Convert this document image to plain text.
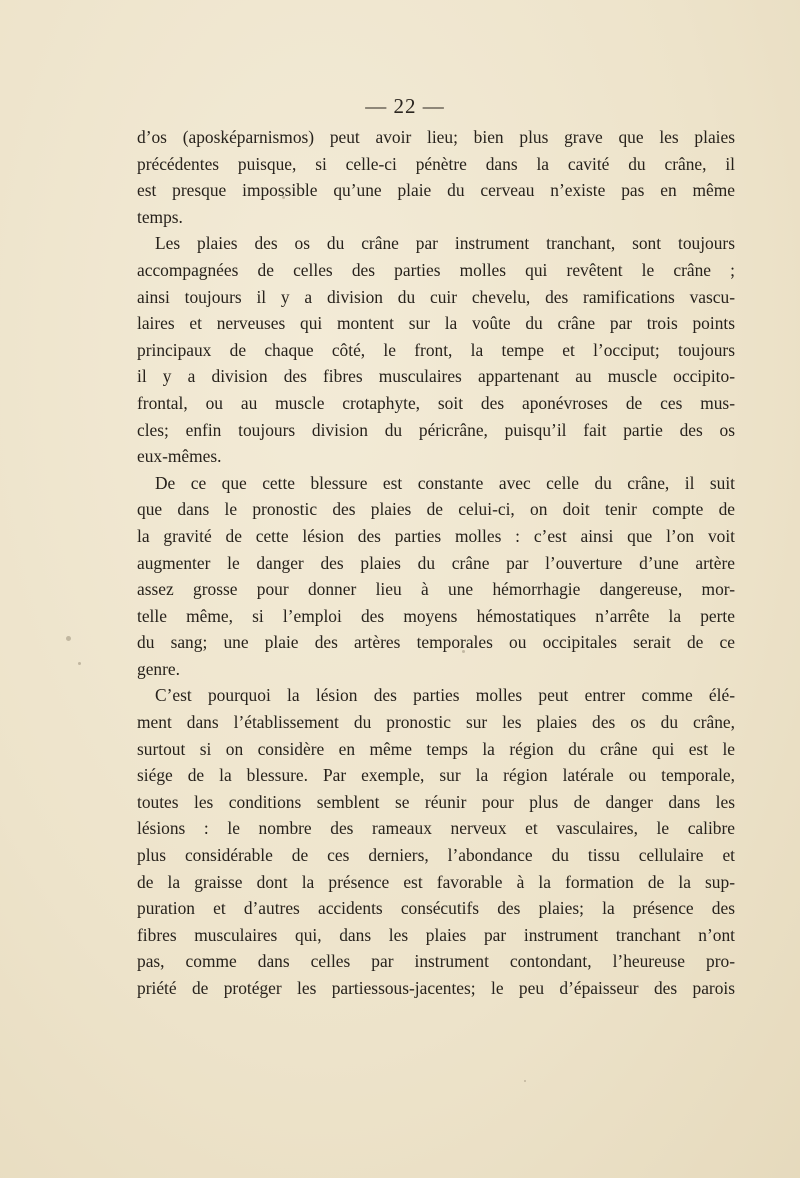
— 22 —
d’os (aposképarnismos) peut avoir lieu; bien plus grave que les plaies
précédentes puisque, si celle-ci pénètre dans la cavité du crâne, il
est presque impossible qu’une plaie du cerveau n’existe pas en même
temps.
Les plaies des os du crâne par instrument tranchant, sont toujours
accompagnées de celles des parties molles qui revêtent le crâne ;
ainsi toujours il y a division du cuir chevelu, des ramifications vascu-
laires et nerveuses qui montent sur la voûte du crâne par trois points
principaux de chaque côté, le front, la tempe et l’occiput; toujours
il y a division des fibres musculaires appartenant au muscle occipito-
frontal, ou au muscle crotaphyte, soit des aponévroses de ces mus-
cles; enfin toujours division du péricrâne, puisqu’il fait partie des os
eux-mêmes.
De ce que cette blessure est constante avec celle du crâne, il suit
que dans le pronostic des plaies de celui-ci, on doit tenir compte de
la gravité de cette lésion des parties molles : c’est ainsi que l’on voit
augmenter le danger des plaies du crâne par l’ouverture d’une artère
assez grosse pour donner lieu à une hémorrhagie dangereuse, mor-
telle même, si l’emploi des moyens hémostatiques n’arrête la perte
du sang; une plaie des artères temporales ou occipitales serait de ce
genre.
C’est pourquoi la lésion des parties molles peut entrer comme élé-
ment dans l’établissement du pronostic sur les plaies des os du crâne,
surtout si on considère en même temps la région du crâne qui est le
siége de la blessure. Par exemple, sur la région latérale ou temporale,
toutes les conditions semblent se réunir pour plus de danger dans les
lésions : le nombre des rameaux nerveux et vasculaires, le calibre
plus considérable de ces derniers, l’abondance du tissu cellulaire et
de la graisse dont la présence est favorable à la formation de la sup-
puration et d’autres accidents consécutifs des plaies; la présence des
fibres musculaires qui, dans les plaies par instrument tranchant n’ont
pas, comme dans celles par instrument contondant, l’heureuse pro-
priété de protéger les partiessous-jacentes; le peu d’épaisseur des parois
